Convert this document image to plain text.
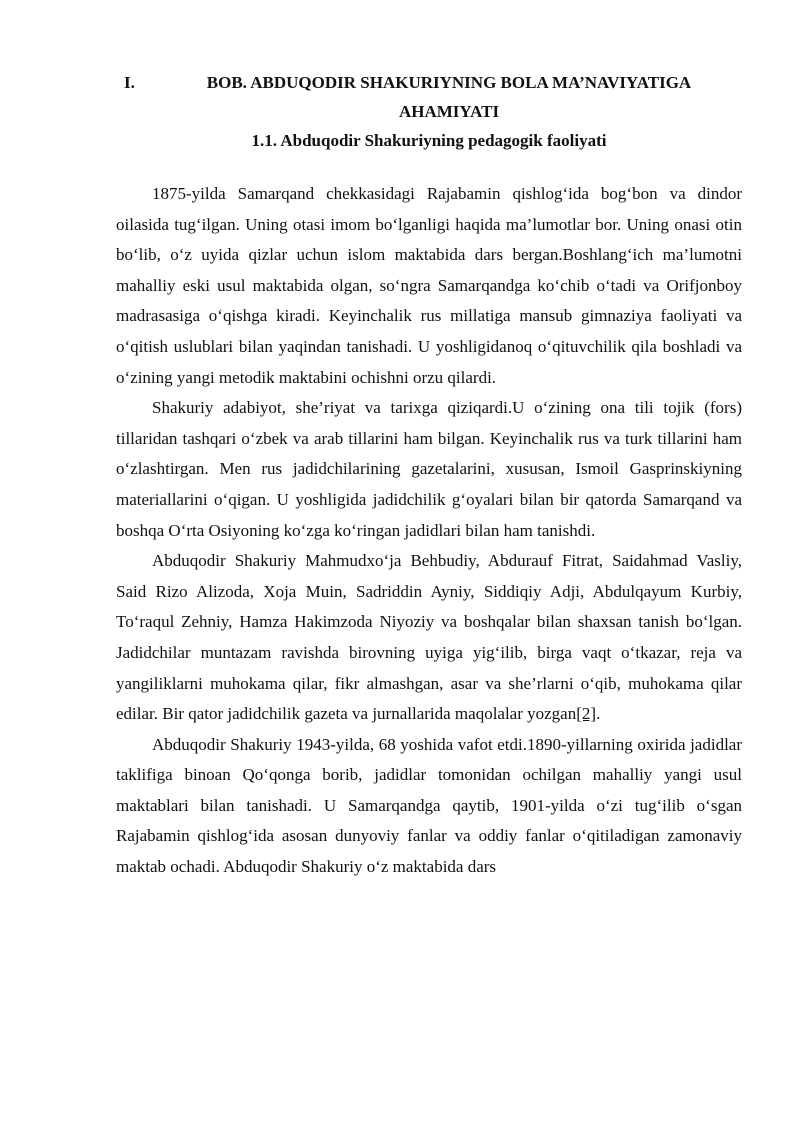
I.	BOB. ABDUQODIR SHAKURIYNING BOLA MA’NAVIYATIGA AHAMIYATI
1.1. Abduqodir Shakuriyning pedagogik faoliyati

1875-yilda Samarqand chekkasidagi Rajabamin qishlog‘ida bog‘bon va dindor oilasida tug‘ilgan. Uning otasi imom bo‘lganligi haqida ma’lumotlar bor. Uning onasi otin bo‘lib, o‘z uyida qizlar uchun islom maktabida dars bergan.Boshlang‘ich ma’lumotni mahalliy eski usul maktabida olgan, so‘ngra Samarqandga ko‘chib o‘tadi va Orifjonboy madrasasiga o‘qishga kiradi. Keyinchalik rus millatiga mansub gimnaziya faoliyati va o‘qitish uslublari bilan yaqindan tanishadi. U yoshligidanoq o‘qituvchilik qila boshladi va o‘zining yangi metodik maktabini ochishni orzu qilardi.

Shakuriy adabiyot, she’riyat va tarixga qiziqardi.U o‘zining ona tili tojik (fors) tillaridan tashqari o‘zbek va arab tillarini ham bilgan. Keyinchalik rus va turk tillarini ham o‘zlashtirgan. Men rus jadidchilarining gazetalarini, xususan, Ismoil Gasprinskiyning materiallarini o‘qigan. U yoshligida jadidchilik g‘oyalari bilan bir qatorda Samarqand va boshqa O‘rta Osiyoning ko‘zga ko‘ringan jadidlari bilan ham tanishdi.

Abduqodir Shakuriy Mahmudxo‘ja Behbudiy, Abdurauf Fitrat, Saidahmad Vasliy, Said Rizo Alizoda, Xoja Muin, Sadriddin Ayniy, Siddiqiy Adji, Abdulqayum Kurbiy, To‘raqul Zehniy, Hamza Hakimzoda Niyoziy va boshqalar bilan shaxsan tanish bo‘lgan. Jadidchilar muntazam ravishda birovning uyiga yig‘ilib, birga vaqt o‘tkazar, reja va yangiliklarni muhokama qilar, fikr almashgan, asar va she’rlarni o‘qib, muhokama qilar edilar. Bir qator jadidchilik gazeta va jurnallarida maqolalar yozgan[2].

Abduqodir Shakuriy 1943-yilda, 68 yoshida vafot etdi.1890-yillarning oxirida jadidlar taklifiga binoan Qo‘qonga borib, jadidlar tomonidan ochilgan mahalliy yangi usul maktablari bilan tanishadi. U Samarqandga qaytib, 1901-yilda o‘zi tug‘ilib o‘sgan Rajabamin qishlog‘ida asosan dunyoviy fanlar va oddiy fanlar o‘qitiladigan zamonaviy maktab ochadi. Abduqodir Shakuriy o‘z maktabida dars
